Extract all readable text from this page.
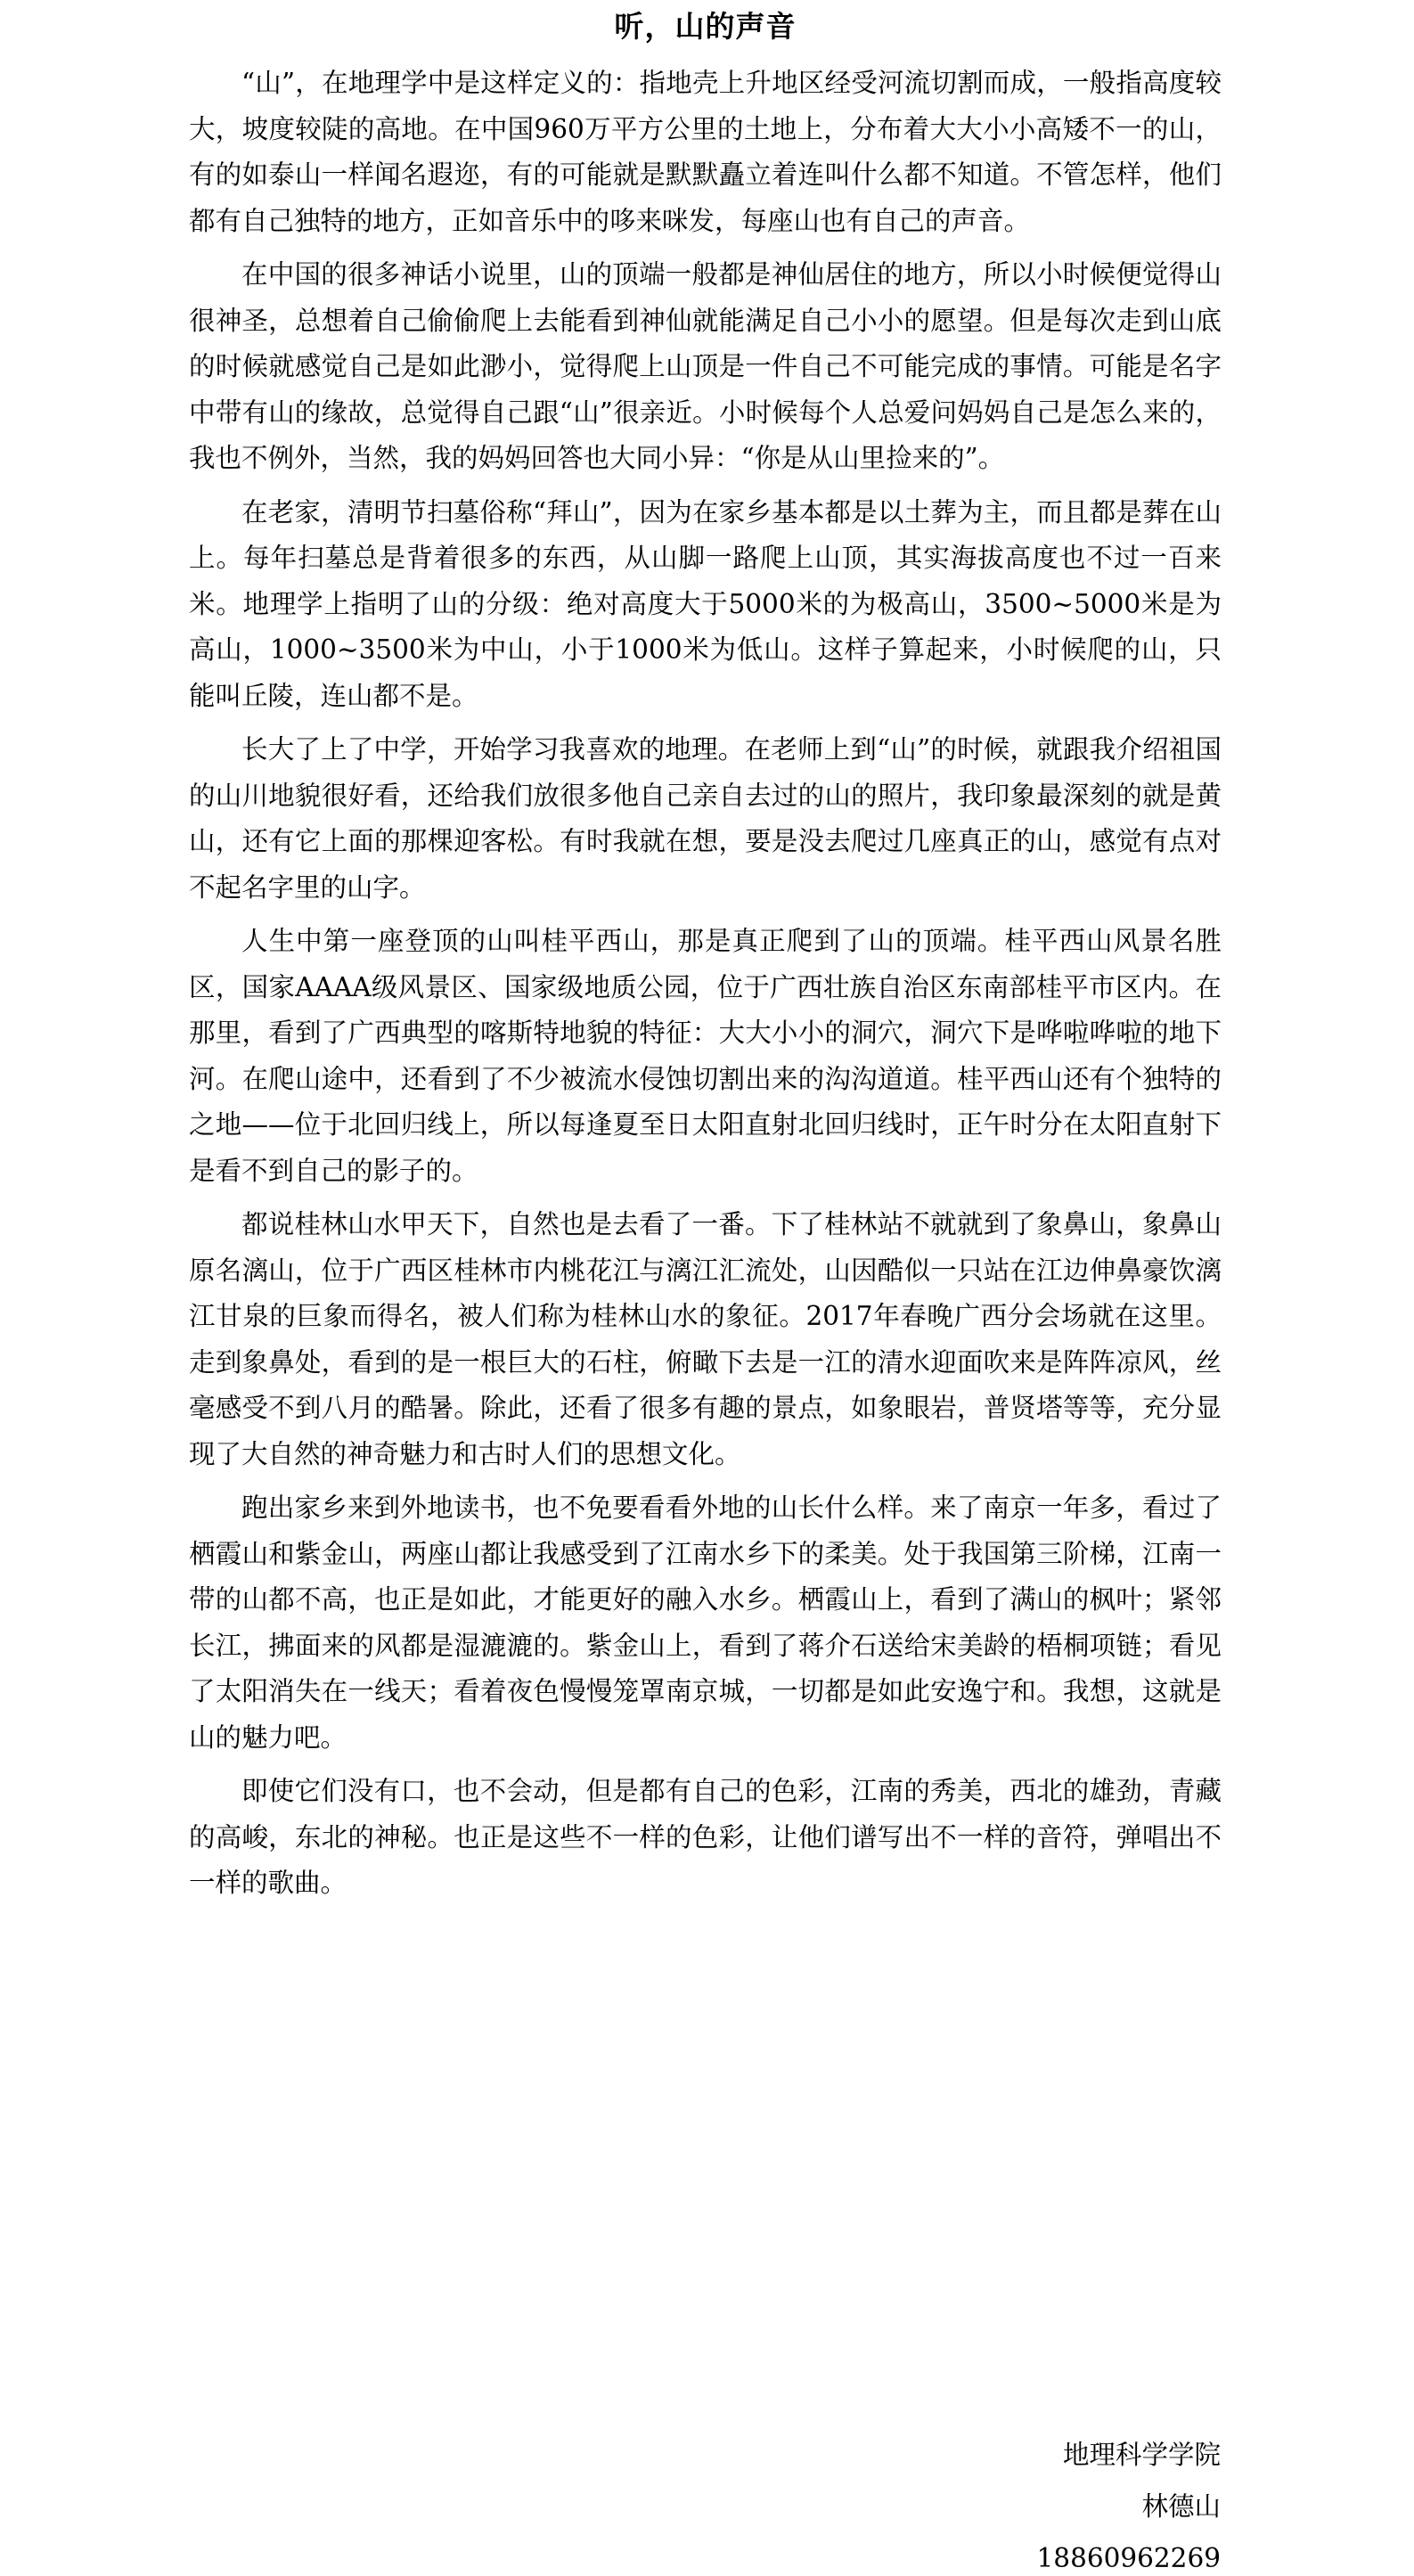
听，山的声音

“山”，在地理学中是这样定义的：指地壳上升地区经受河流切割而成，一般指高度较大，坡度较陡的高地。在中国960万平方公里的土地上，分布着大大小小高矮不一的山，有的如泰山一样闻名遐迩，有的可能就是默默矗立着连叫什么都不知道。不管怎样，他们都有自己独特的地方，正如音乐中的哆来咪发，每座山也有自己的声音。

在中国的很多神话小说里，山的顶端一般都是神仙居住的地方，所以小时候便觉得山很神圣，总想着自己偷偷爬上去能看到神仙就能满足自己小小的愿望。但是每次走到山底的时候就感觉自己是如此渺小，觉得爬上山顶是一件自己不可能完成的事情。可能是名字中带有山的缘故，总觉得自己跟“山”很亲近。小时候每个人总爱问妈妈自己是怎么来的，我也不例外，当然，我的妈妈回答也大同小异：“你是从山里捡来的”。

在老家，清明节扫墓俗称“拜山”，因为在家乡基本都是以土葬为主，而且都是葬在山上。每年扫墓总是背着很多的东西，从山脚一路爬上山顶，其实海拔高度也不过一百来米。地理学上指明了山的分级：绝对高度大于5000米的为极高山，3500~5000米是为高山，1000~3500米为中山，小于1000米为低山。这样子算起来，小时候爬的山，只能叫丘陵，连山都不是。

长大了上了中学，开始学习我喜欢的地理。在老师上到“山”的时候，就跟我介绍祖国的山川地貌很好看，还给我们放很多他自己亲自去过的山的照片，我印象最深刻的就是黄山，还有它上面的那棵迎客松。有时我就在想，要是没去爬过几座真正的山，感觉有点对不起名字里的山字。

人生中第一座登顶的山叫桂平西山，那是真正爬到了山的顶端。桂平西山风景名胜区，国家AAAA级风景区、国家级地质公园，位于广西壮族自治区东南部桂平市区内。在那里，看到了广西典型的喀斯特地貌的特征：大大小小的洞穴，洞穴下是哗啦哗啦的地下河。在爬山途中，还看到了不少被流水侵蚀切割出来的沟沟道道。桂平西山还有个独特的之地——位于北回归线上，所以每逢夏至日太阳直射北回归线时，正午时分在太阳直射下是看不到自己的影子的。

都说桂林山水甲天下，自然也是去看了一番。下了桂林站不就就到了象鼻山，象鼻山原名漓山，位于广西区桂林市内桃花江与漓江汇流处，山因酷似一只站在江边伸鼻豪饮漓江甘泉的巨象而得名，被人们称为桂林山水的象征。2017年春晚广西分会场就在这里。走到象鼻处，看到的是一根巨大的石柱，俯瞰下去是一江的清水迎面吹来是阵阵凉风，丝毫感受不到八月的酷暑。除此，还看了很多有趣的景点，如象眼岩，普贤塔等等，充分显现了大自然的神奇魅力和古时人们的思想文化。

跑出家乡来到外地读书，也不免要看看外地的山长什么样。来了南京一年多，看过了栖霞山和紫金山，两座山都让我感受到了江南水乡下的柔美。处于我国第三阶梯，江南一带的山都不高，也正是如此，才能更好的融入水乡。栖霞山上，看到了满山的枫叶；紧邻长江，拂面来的风都是湿漉漉的。紫金山上，看到了蒋介石送给宋美龄的梧桐项链；看见了太阳消失在一线天；看着夜色慢慢笼罩南京城，一切都是如此安逸宁和。我想，这就是山的魅力吧。

即使它们没有口，也不会动，但是都有自己的色彩，江南的秀美，西北的雄劲，青藏的高峻，东北的神秘。也正是这些不一样的色彩，让他们谱写出不一样的音符，弹唱出不一样的歌曲。

地理科学学院
林德山
18860962269
